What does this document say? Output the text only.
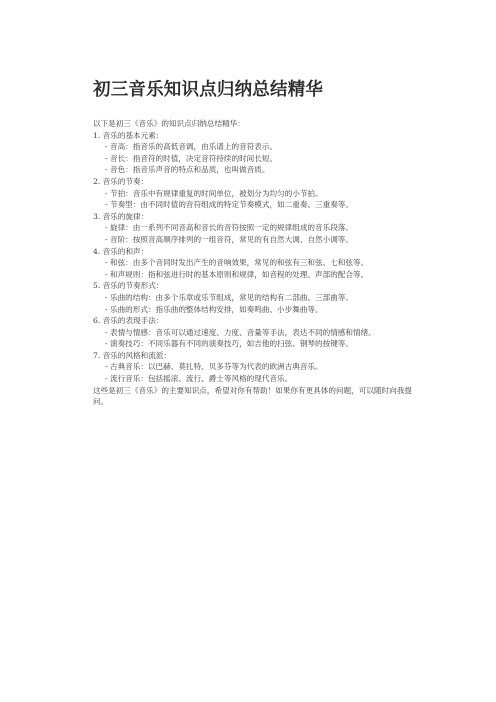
初三音乐知识点归纳总结精华

以下是初三《音乐》的知识点归纳总结精华：

1. 音乐的基本元素：

- 音高：指音乐的高低音调，由乐谱上的音符表示。

- 音长：指音符的时值，决定音符持续的时间长短。

- 音色：指音乐声音的特点和品质，也叫做音质。

2. 音乐的节奏：

- 节拍：音乐中有规律重复的时间单位，被划分为均匀的小节拍。

- 节奏型：由不同时值的音符组成的特定节奏模式，如二重奏、三重奏等。

3. 音乐的旋律：

- 旋律：由一系列不同音高和音长的音符按照一定的规律组成的音乐段落。

- 音阶：按照音高顺序排列的一组音符，常见的有自然大调、自然小调等。

4. 音乐的和声：

- 和弦：由多个音同时发出产生的音响效果，常见的和弦有三和弦、七和弦等。

- 和声规则：指和弦进行时的基本原则和规律，如音程的处理、声部的配合等。

5. 音乐的节奏形式：

- 乐曲的结构：由多个乐章或乐节组成，常见的结构有二部曲、三部曲等。

- 乐曲的形式：指乐曲的整体结构安排，如奏鸣曲、小步舞曲等。

6. 音乐的表现手法：

- 表情与情感：音乐可以通过速度、力度、音量等手法，表达不同的情感和情绪。

- 演奏技巧：不同乐器有不同的演奏技巧，如吉他的扫弦、钢琴的按键等。

7. 音乐的风格和流派：

- 古典音乐：以巴赫、莫扎特、贝多芬等为代表的欧洲古典音乐。

- 流行音乐：包括摇滚、流行、爵士等风格的现代音乐。

这些是初三《音乐》的主要知识点，希望对你有帮助！如果你有更具体的问题，可以随时向我提问。
